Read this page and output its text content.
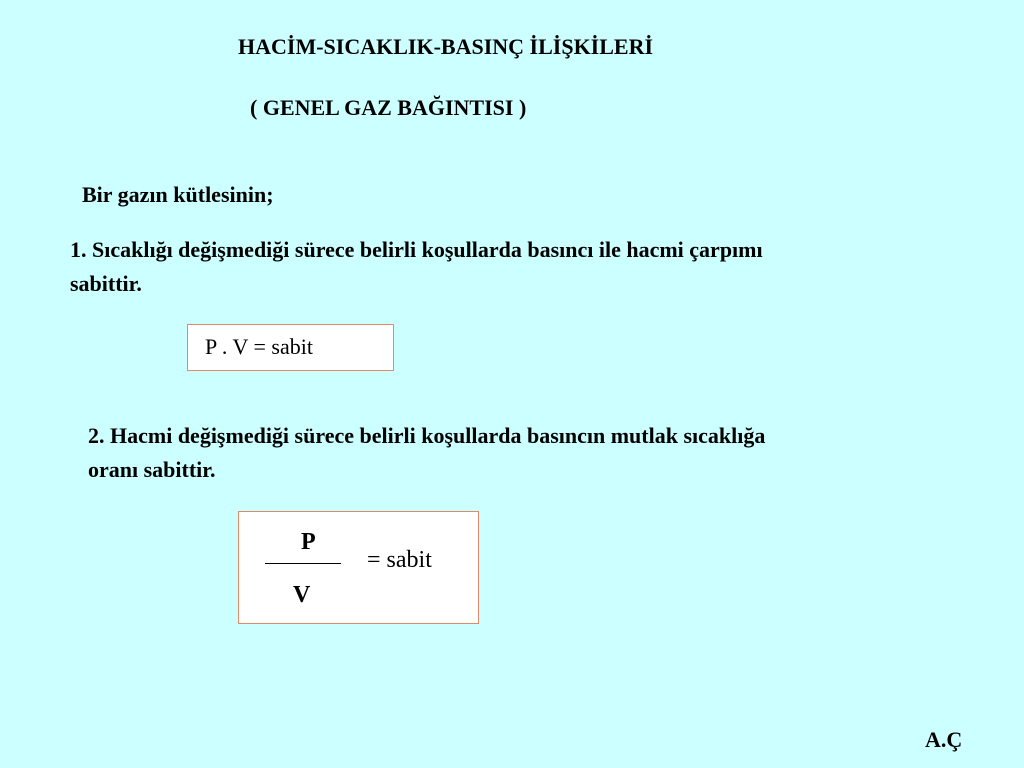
HACİM-SICAKLIK-BASINÇ İLİŞKİLERİ
( GENEL GAZ BAĞINTISI )
Bir gazın kütlesinin;
1. Sıcaklığı değişmediği sürece belirli koşullarda basıncı ile hacmi çarpımı sabittir.
P . V = sabit
2. Hacmi değişmediği sürece belirli koşullarda basıncın mutlak sıcaklığa oranı sabittir.
P
V
= sabit
A.Ç
